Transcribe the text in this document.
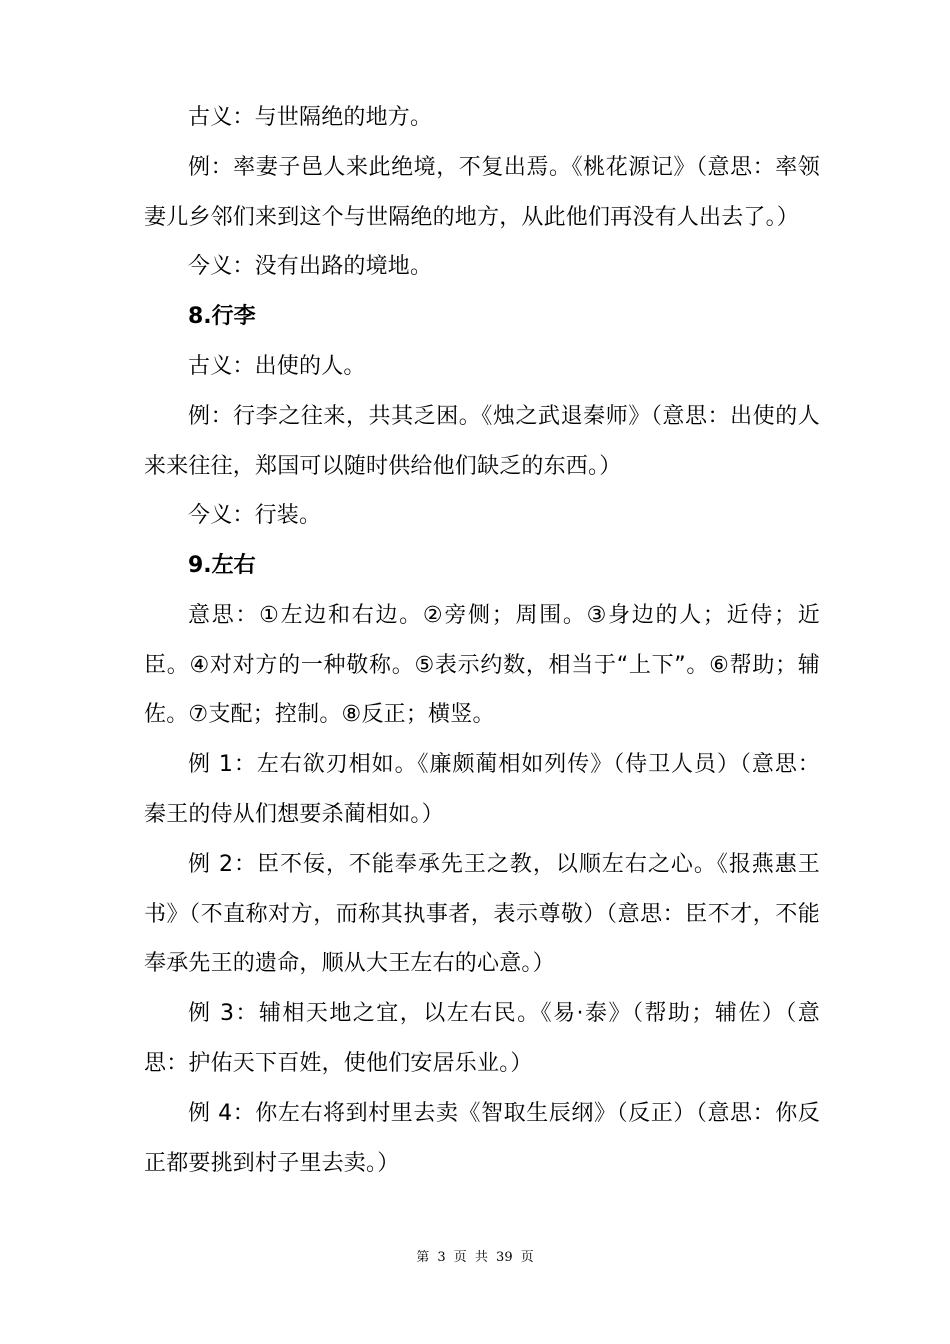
古义：与世隔绝的地方。

例：率妻子邑人来此绝境，不复出焉。《桃花源记》（意思：率领妻儿乡邻们来到这个与世隔绝的地方，从此他们再没有人出去了。）

今义：没有出路的境地。

8.行李

古义：出使的人。

例：行李之往来，共其乏困。《烛之武退秦师》（意思：出使的人来来往往，郑国可以随时供给他们缺乏的东西。）

今义：行装。

9.左右

意思：①左边和右边。②旁侧；周围。③身边的人；近侍；近臣。④对对方的一种敬称。⑤表示约数，相当于“上下”。⑥帮助；辅佐。⑦支配；控制。⑧反正；横竖。

例 1：左右欲刃相如。《廉颇蔺相如列传》（侍卫人员）（意思：秦王的侍从们想要杀蔺相如。）

例 2：臣不佞，不能奉承先王之教，以顺左右之心。《报燕惠王书》（不直称对方，而称其执事者，表示尊敬）（意思：臣不才，不能奉承先王的遗命，顺从大王左右的心意。）

例 3：辅相天地之宜，以左右民。《易·泰》（帮助；辅佐）（意思：护佑天下百姓，使他们安居乐业。）

例 4：你左右将到村里去卖《智取生辰纲》（反正）（意思：你反正都要挑到村子里去卖。）

第 3 页 共 39 页
